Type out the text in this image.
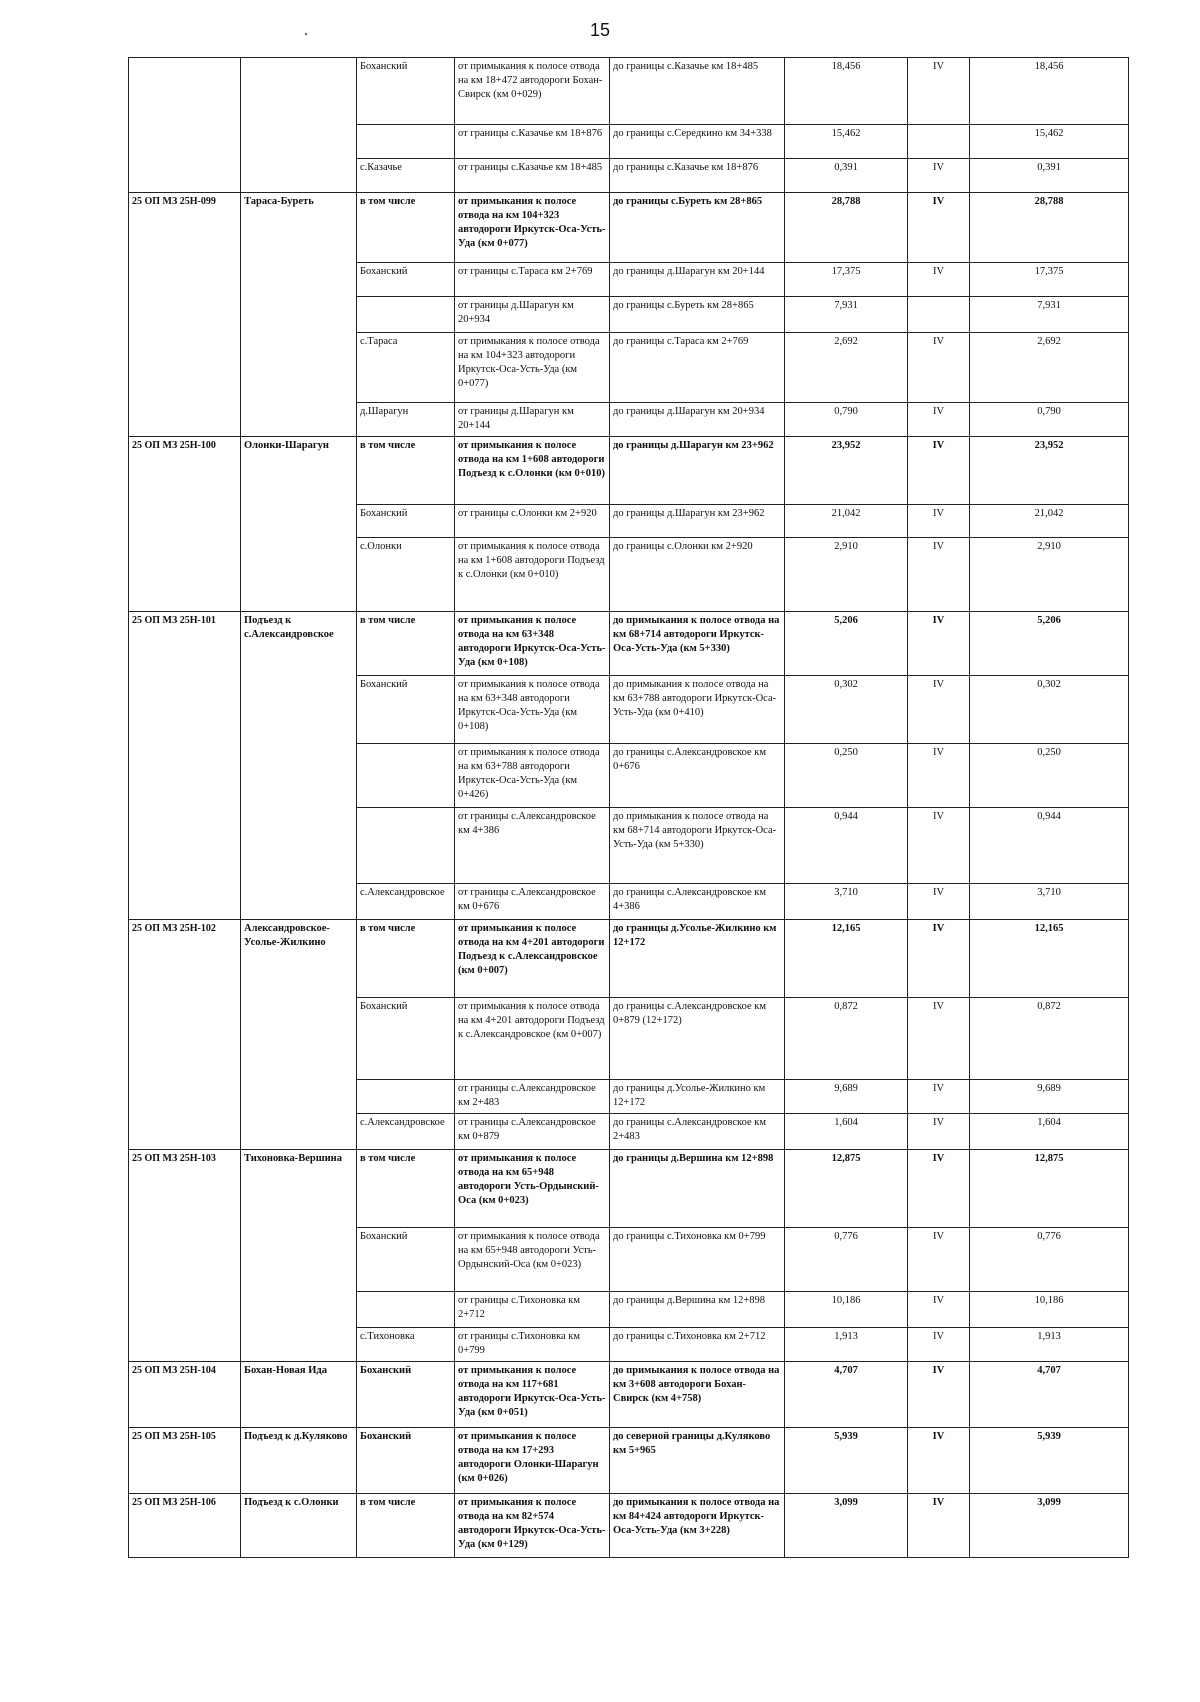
15
.
		Боханский	от примыкания к полосе отвода на км 18+472 автодороги Бохан-Свирск (км 0+029)	до границы с.Казачье км 18+485	18,456	IV	18,456
			от границы с.Казачье км 18+876	до границы с.Середкино км 34+338	15,462		15,462
		с.Казачье	от границы с.Казачье км 18+485	до границы с.Казачье км 18+876	0,391	IV	0,391
25 ОП МЗ 25Н-099	Тараса-Буреть	в том числе	от примыкания к полосе отвода на км 104+323 автодороги Иркутск-Оса-Усть-Уда (км 0+077)	до границы с.Буреть км 28+865	28,788	IV	28,788
		Боханский	от границы с.Тараса км 2+769	до границы д.Шарагун км 20+144	17,375	IV	17,375
			от границы д.Шарагун км 20+934	до границы с.Буреть км 28+865	7,931		7,931
		с.Тараса	от примыкания к полосе отвода на км 104+323 автодороги Иркутск-Оса-Усть-Уда (км 0+077)	до границы с.Тараса км 2+769	2,692	IV	2,692
		д.Шарагун	от границы д.Шарагун км 20+144	до границы д.Шарагун км 20+934	0,790	IV	0,790
25 ОП МЗ 25Н-100	Олонки-Шарагун	в том числе	от примыкания к полосе отвода на км 1+608 автодороги Подъезд к с.Олонки (км 0+010)	до границы д.Шарагун км 23+962	23,952	IV	23,952
		Боханский	от границы с.Олонки км 2+920	до границы д.Шарагун км 23+962	21,042	IV	21,042
		с.Олонки	от примыкания к полосе отвода на км 1+608 автодороги Подъезд к с.Олонки (км 0+010)	до границы с.Олонки км 2+920	2,910	IV	2,910
25 ОП МЗ 25Н-101	Подъезд к с.Александровское	в том числе	от примыкания к полосе отвода на км 63+348 автодороги Иркутск-Оса-Усть-Уда (км 0+108)	до примыкания к полосе отвода на км 68+714 автодороги Иркутск-Оса-Усть-Уда (км 5+330)	5,206	IV	5,206
		Боханский	от примыкания к полосе отвода на км 63+348 автодороги Иркутск-Оса-Усть-Уда (км 0+108)	до примыкания к полосе отвода на км 63+788 автодороги Иркутск-Оса-Усть-Уда (км 0+410)	0,302	IV	0,302
			от примыкания к полосе отвода на км 63+788 автодороги Иркутск-Оса-Усть-Уда (км 0+426)	до границы с.Александровское км 0+676	0,250	IV	0,250
			от границы с.Александровское км 4+386	до примыкания к полосе отвода на км 68+714 автодороги Иркутск-Оса-Усть-Уда (км 5+330)	0,944	IV	0,944
		с.Александровское	от границы с.Александровское км 0+676	до границы с.Александровское км 4+386	3,710	IV	3,710
25 ОП МЗ 25Н-102	Александровское-Усолье-Жилкино	в том числе	от примыкания к полосе отвода на км 4+201 автодороги Подъезд к с.Александровское (км 0+007)	до границы д.Усолье-Жилкино км 12+172	12,165	IV	12,165
		Боханский	от примыкания к полосе отвода на км 4+201 автодороги Подъезд к с.Александровское (км 0+007)	до границы с.Александровское км 0+879 (12+172)	0,872	IV	0,872
			от границы с.Александровское км 2+483	до границы д.Усолье-Жилкино км 12+172	9,689	IV	9,689
		с.Александровское	от границы с.Александровское км 0+879	до границы с.Александровское км 2+483	1,604	IV	1,604
25 ОП МЗ 25Н-103	Тихоновка-Вершина	в том числе	от примыкания к полосе отвода на км 65+948 автодороги Усть-Ордынский-Оса (км 0+023)	до границы д.Вершина км 12+898	12,875	IV	12,875
		Боханский	от примыкания к полосе отвода на км 65+948 автодороги Усть-Ордынский-Оса (км 0+023)	до границы с.Тихоновка км 0+799	0,776	IV	0,776
			от границы с.Тихоновка км 2+712	до границы д.Вершина км 12+898	10,186	IV	10,186
		с.Тихоновка	от границы с.Тихоновка км 0+799	до границы с.Тихоновка км 2+712	1,913	IV	1,913
25 ОП МЗ 25Н-104	Бохан-Новая Ида	Боханский	от примыкания к полосе отвода на км 117+681 автодороги Иркутск-Оса-Усть-Уда (км 0+051)	до примыкания к полосе отвода на км 3+608 автодороги Бохан-Свирск (км 4+758)	4,707	IV	4,707
25 ОП МЗ 25Н-105	Подъезд к д.Куляково	Боханский	от примыкания к полосе отвода на км 17+293 автодороги Олонки-Шарагун (км 0+026)	до северной границы д.Куляково км 5+965	5,939	IV	5,939
25 ОП МЗ 25Н-106	Подъезд к с.Олонки	в том числе	от примыкания к полосе отвода на км 82+574 автодороги Иркутск-Оса-Усть-Уда (км 0+129)	до примыкания к полосе отвода на км 84+424 автодороги Иркутск-Оса-Усть-Уда (км 3+228)	3,099	IV	3,099
